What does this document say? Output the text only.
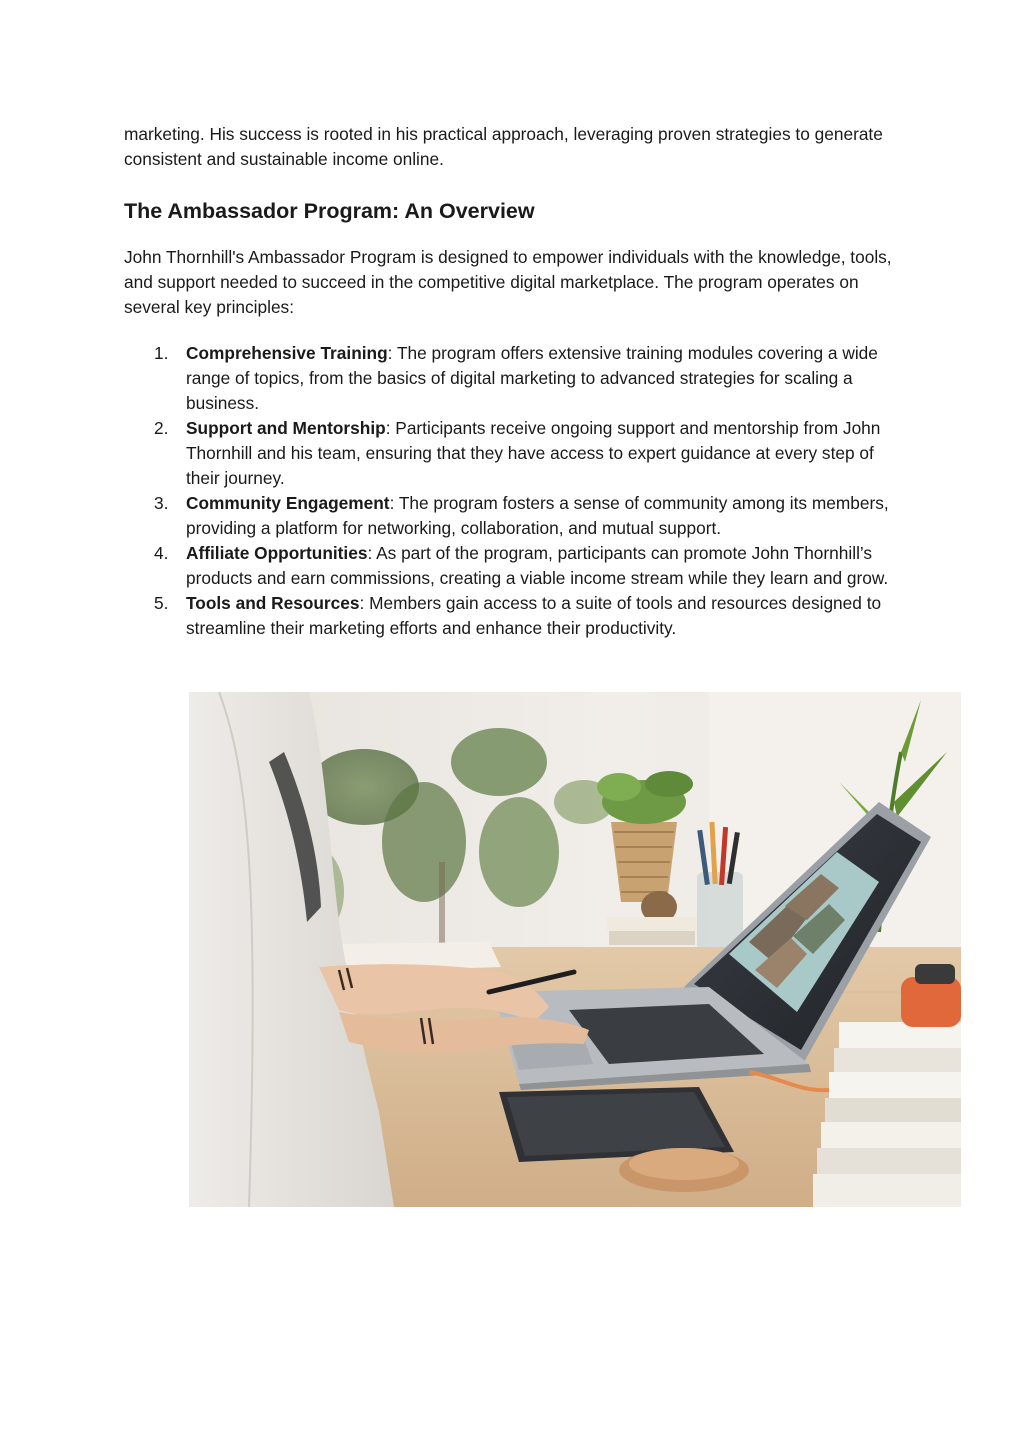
marketing. His success is rooted in his practical approach, leveraging proven strategies to generate consistent and sustainable income online.

The Ambassador Program: An Overview

John Thornhill's Ambassador Program is designed to empower individuals with the knowledge, tools, and support needed to succeed in the competitive digital marketplace. The program operates on several key principles:

1. Comprehensive Training: The program offers extensive training modules covering a wide range of topics, from the basics of digital marketing to advanced strategies for scaling a business.
2. Support and Mentorship: Participants receive ongoing support and mentorship from John Thornhill and his team, ensuring that they have access to expert guidance at every step of their journey.
3. Community Engagement: The program fosters a sense of community among its members, providing a platform for networking, collaboration, and mutual support.
4. Affiliate Opportunities: As part of the program, participants can promote John Thornhill’s products and earn commissions, creating a viable income stream while they learn and grow.
5. Tools and Resources: Members gain access to a suite of tools and resources designed to streamline their marketing efforts and enhance their productivity.
